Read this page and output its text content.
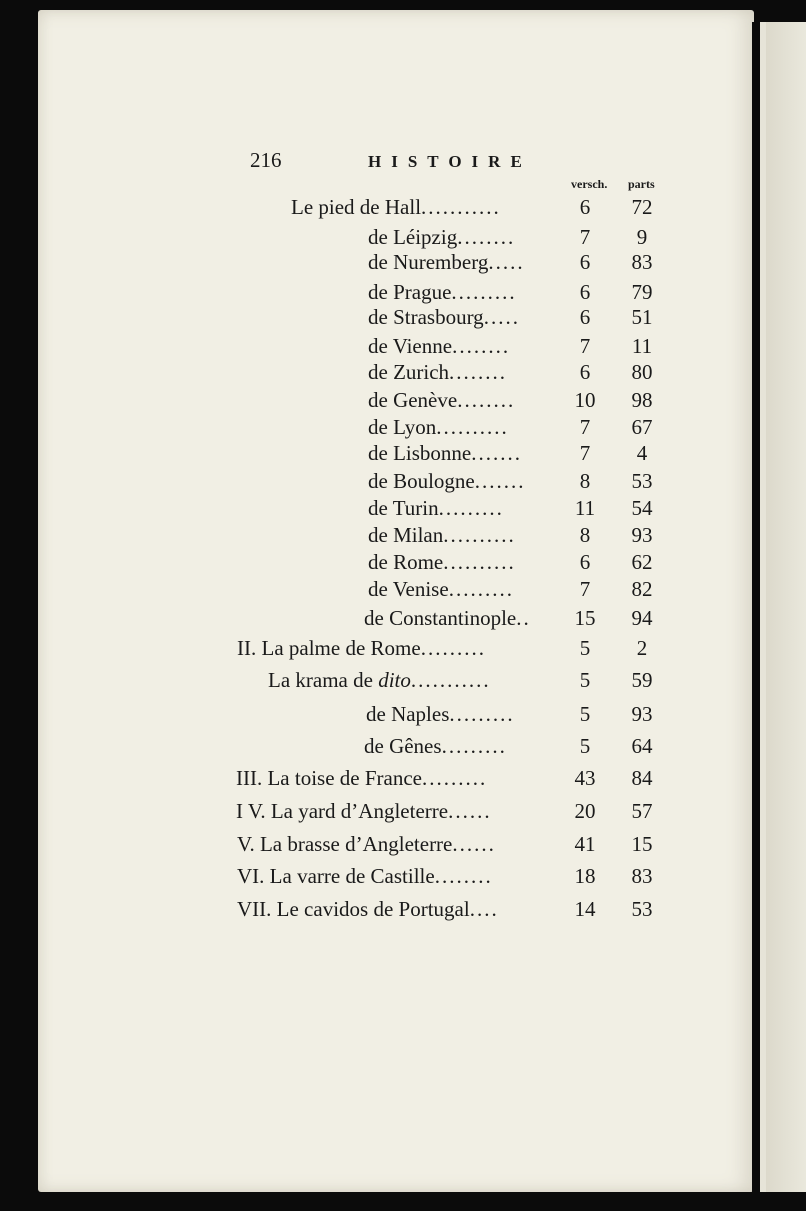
216	HISTOIRE
versch. parts
Le pied de Hall...........	6	72
de Léipzig........	7	9
de Nuremberg.....	6	83
de Prague.........	6	79
de Strasbourg.....	6	51
de Vienne........	7	11
de Zurich........	6	80
de Genève........	10	98
de Lyon..........	7	67
de Lisbonne.......	7	4
de Boulogne.......	8	53
de Turin.........	11	54
de Milan..........	8	93
de Rome..........	6	62
de Venise.........	7	82
de Constantinople..	15	94
II. La palme de Rome.........	5	2
La krama de dito...........	5	59
de Naples.........	5	93
de Gênes.........	5	64
III. La toise de France.........	43	84
I V. La yard d’Angleterre......	20	57
V. La brasse d’Angleterre......	41	15
VI. La varre de Castille........	18	83
VII. Le cavidos de Portugal....	14	53
